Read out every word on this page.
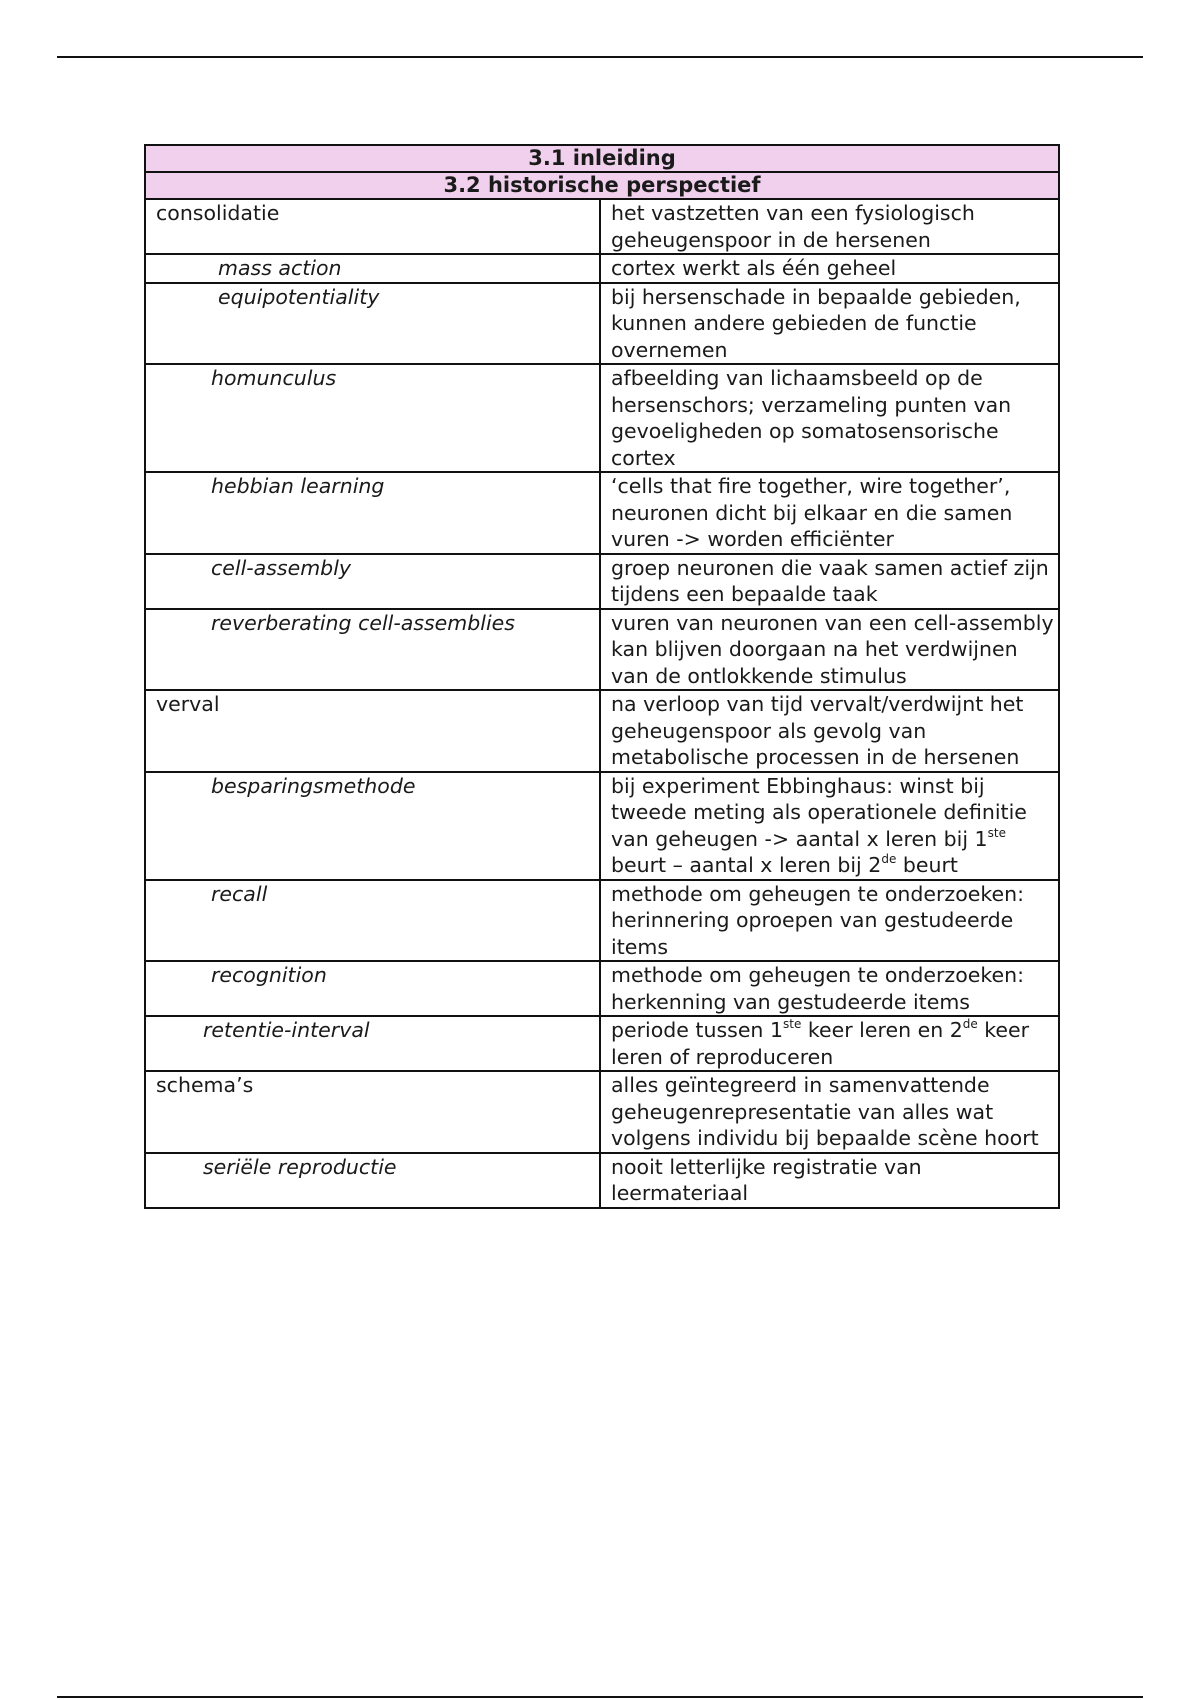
3.1 inleiding	
3.2 historische perspectief	
consolidatie	het vastzetten van een fysiologisch geheugenspoor in de hersenen
mass action	cortex werkt als één geheel
equipotentiality	bij hersenschade in bepaalde gebieden, kunnen andere gebieden de functie overnemen
homunculus	afbeelding van lichaamsbeeld op de hersenschors; verzameling punten van gevoeligheden op somatosensorische cortex
hebbian learning	‘cells that fire together, wire together’, neuronen dicht bij elkaar en die samen vuren -> worden efficiënter
cell-assembly	groep neuronen die vaak samen actief zijn tijdens een bepaalde taak
reverberating cell-assemblies	vuren van neuronen van een cell-assembly kan blijven doorgaan na het verdwijnen van de ontlokkende stimulus
verval	na verloop van tijd vervalt/verdwijnt het geheugenspoor als gevolg van metabolische processen in de hersenen
besparingsmethode	bij experiment Ebbinghaus: winst bij tweede meting als operationele definitie van geheugen -> aantal x leren bij 1ste beurt – aantal x leren bij 2de beurt
recall	methode om geheugen te onderzoeken: herinnering oproepen van gestudeerde items
recognition	methode om geheugen te onderzoeken: herkenning van gestudeerde items
retentie-interval	periode tussen 1ste keer leren en 2de keer leren of reproduceren
schema’s	alles geïntegreerd in samenvattende geheugenrepresentatie van alles wat volgens individu bij bepaalde scène hoort
seriële reproductie	nooit letterlijke registratie van leermateriaal
